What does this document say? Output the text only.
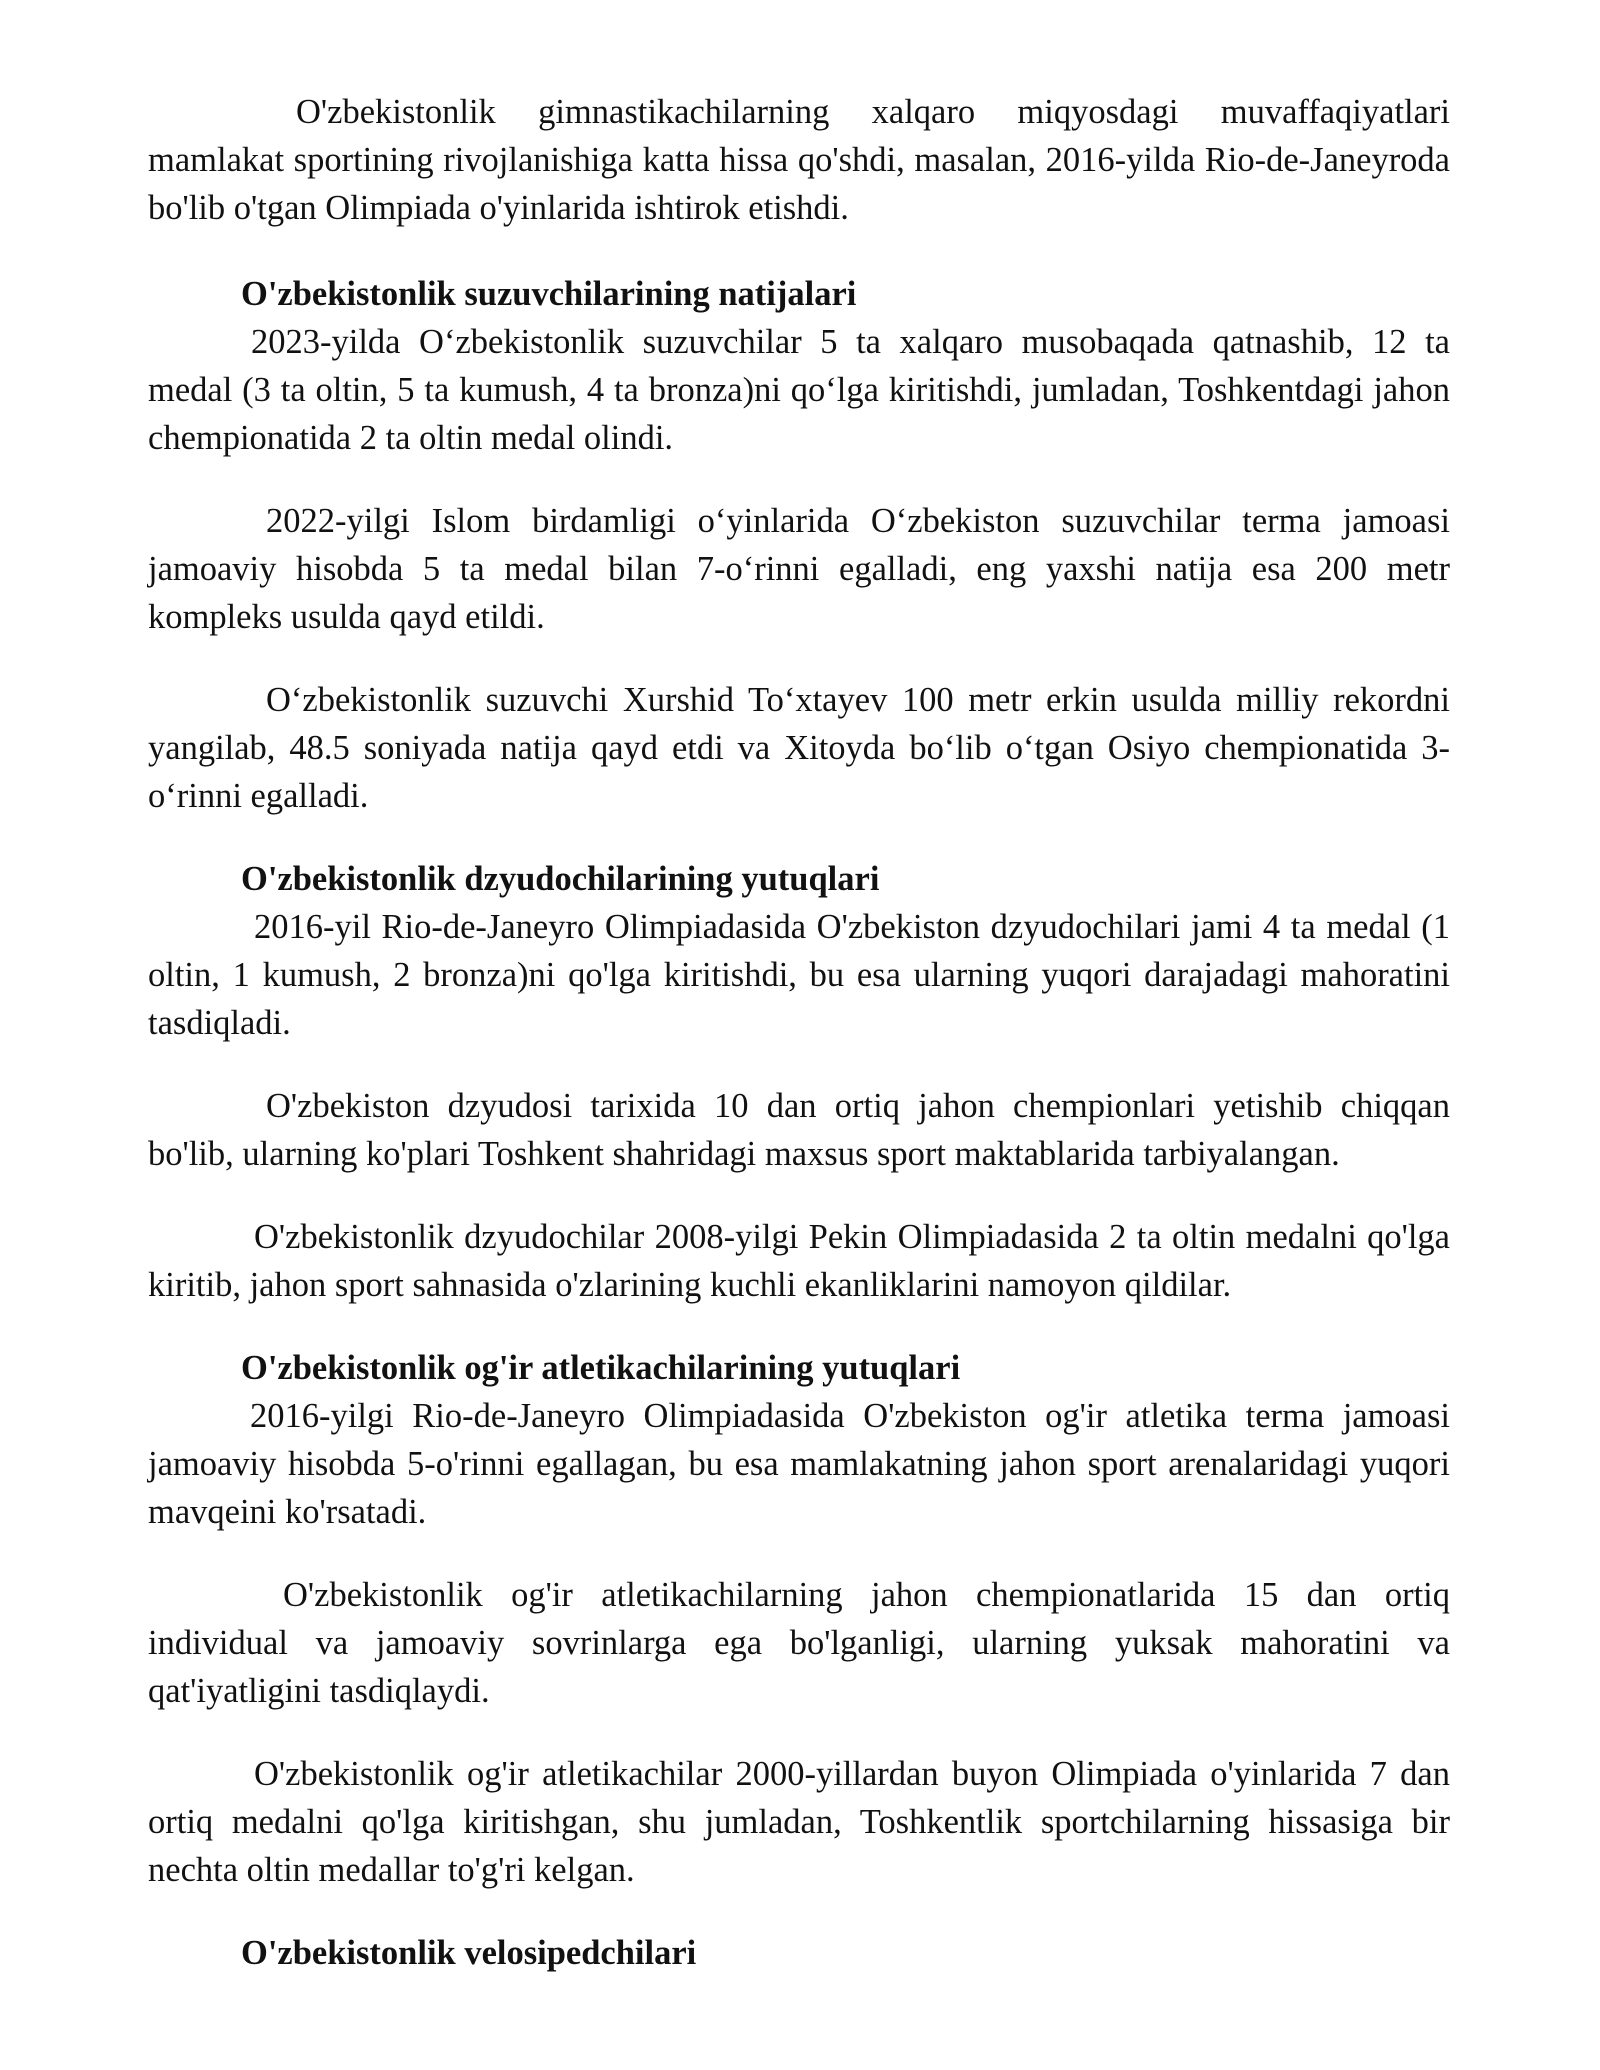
O'zbekistonlik gimnastikachilarning xalqaro miqyosdagi muvaffaqiyatlari mamlakat sportining rivojlanishiga katta hissa qo'shdi, masalan, 2016-yilda Rio-de-Janeyroda bo'lib o'tgan Olimpiada o'yinlarida ishtirok etishdi.

O'zbekistonlik suzuvchilarining natijalari

2023-yilda O‘zbekistonlik suzuvchilar 5 ta xalqaro musobaqada qatnashib, 12 ta medal (3 ta oltin, 5 ta kumush, 4 ta bronza)ni qo‘lga kiritishdi, jumladan, Toshkentdagi jahon chempionatida 2 ta oltin medal olindi.

2022-yilgi Islom birdamligi o‘yinlarida O‘zbekiston suzuvchilar terma jamoasi jamoaviy hisobda 5 ta medal bilan 7-o‘rinni egalladi, eng yaxshi natija esa 200 metr kompleks usulda qayd etildi.

O‘zbekistonlik suzuvchi Xurshid To‘xtayev 100 metr erkin usulda milliy rekordni yangilab, 48.5 soniyada natija qayd etdi va Xitoyda bo‘lib o‘tgan Osiyo chempionatida 3-o‘rinni egalladi.

O'zbekistonlik dzyudochilarining yutuqlari

2016-yil Rio-de-Janeyro Olimpiadasida O'zbekiston dzyudochilari jami 4 ta medal (1 oltin, 1 kumush, 2 bronza)ni qo'lga kiritishdi, bu esa ularning yuqori darajadagi mahoratini tasdiqladi.

O'zbekiston dzyudosi tarixida 10 dan ortiq jahon chempionlari yetishib chiqqan bo'lib, ularning ko'plari Toshkent shahridagi maxsus sport maktablarida tarbiyalangan.

O'zbekistonlik dzyudochilar 2008-yilgi Pekin Olimpiadasida 2 ta oltin medalni qo'lga kiritib, jahon sport sahnasida o'zlarining kuchli ekanliklarini namoyon qildilar.

O'zbekistonlik og'ir atletikachilarining yutuqlari

2016-yilgi Rio-de-Janeyro Olimpiadasida O'zbekiston og'ir atletika terma jamoasi jamoaviy hisobda 5-o'rinni egallagan, bu esa mamlakatning jahon sport arenalaridagi yuqori mavqeini ko'rsatadi.

O'zbekistonlik og'ir atletikachilarning jahon chempionatlarida 15 dan ortiq individual va jamoaviy sovrinlarga ega bo'lganligi, ularning yuksak mahoratini va qat'iyatligini tasdiqlaydi.

O'zbekistonlik og'ir atletikachilar 2000-yillardan buyon Olimpiada o'yinlarida 7 dan ortiq medalni qo'lga kiritishgan, shu jumladan, Toshkentlik sportchilarning hissasiga bir nechta oltin medallar to'g'ri kelgan.

O'zbekistonlik velosipedchilari
